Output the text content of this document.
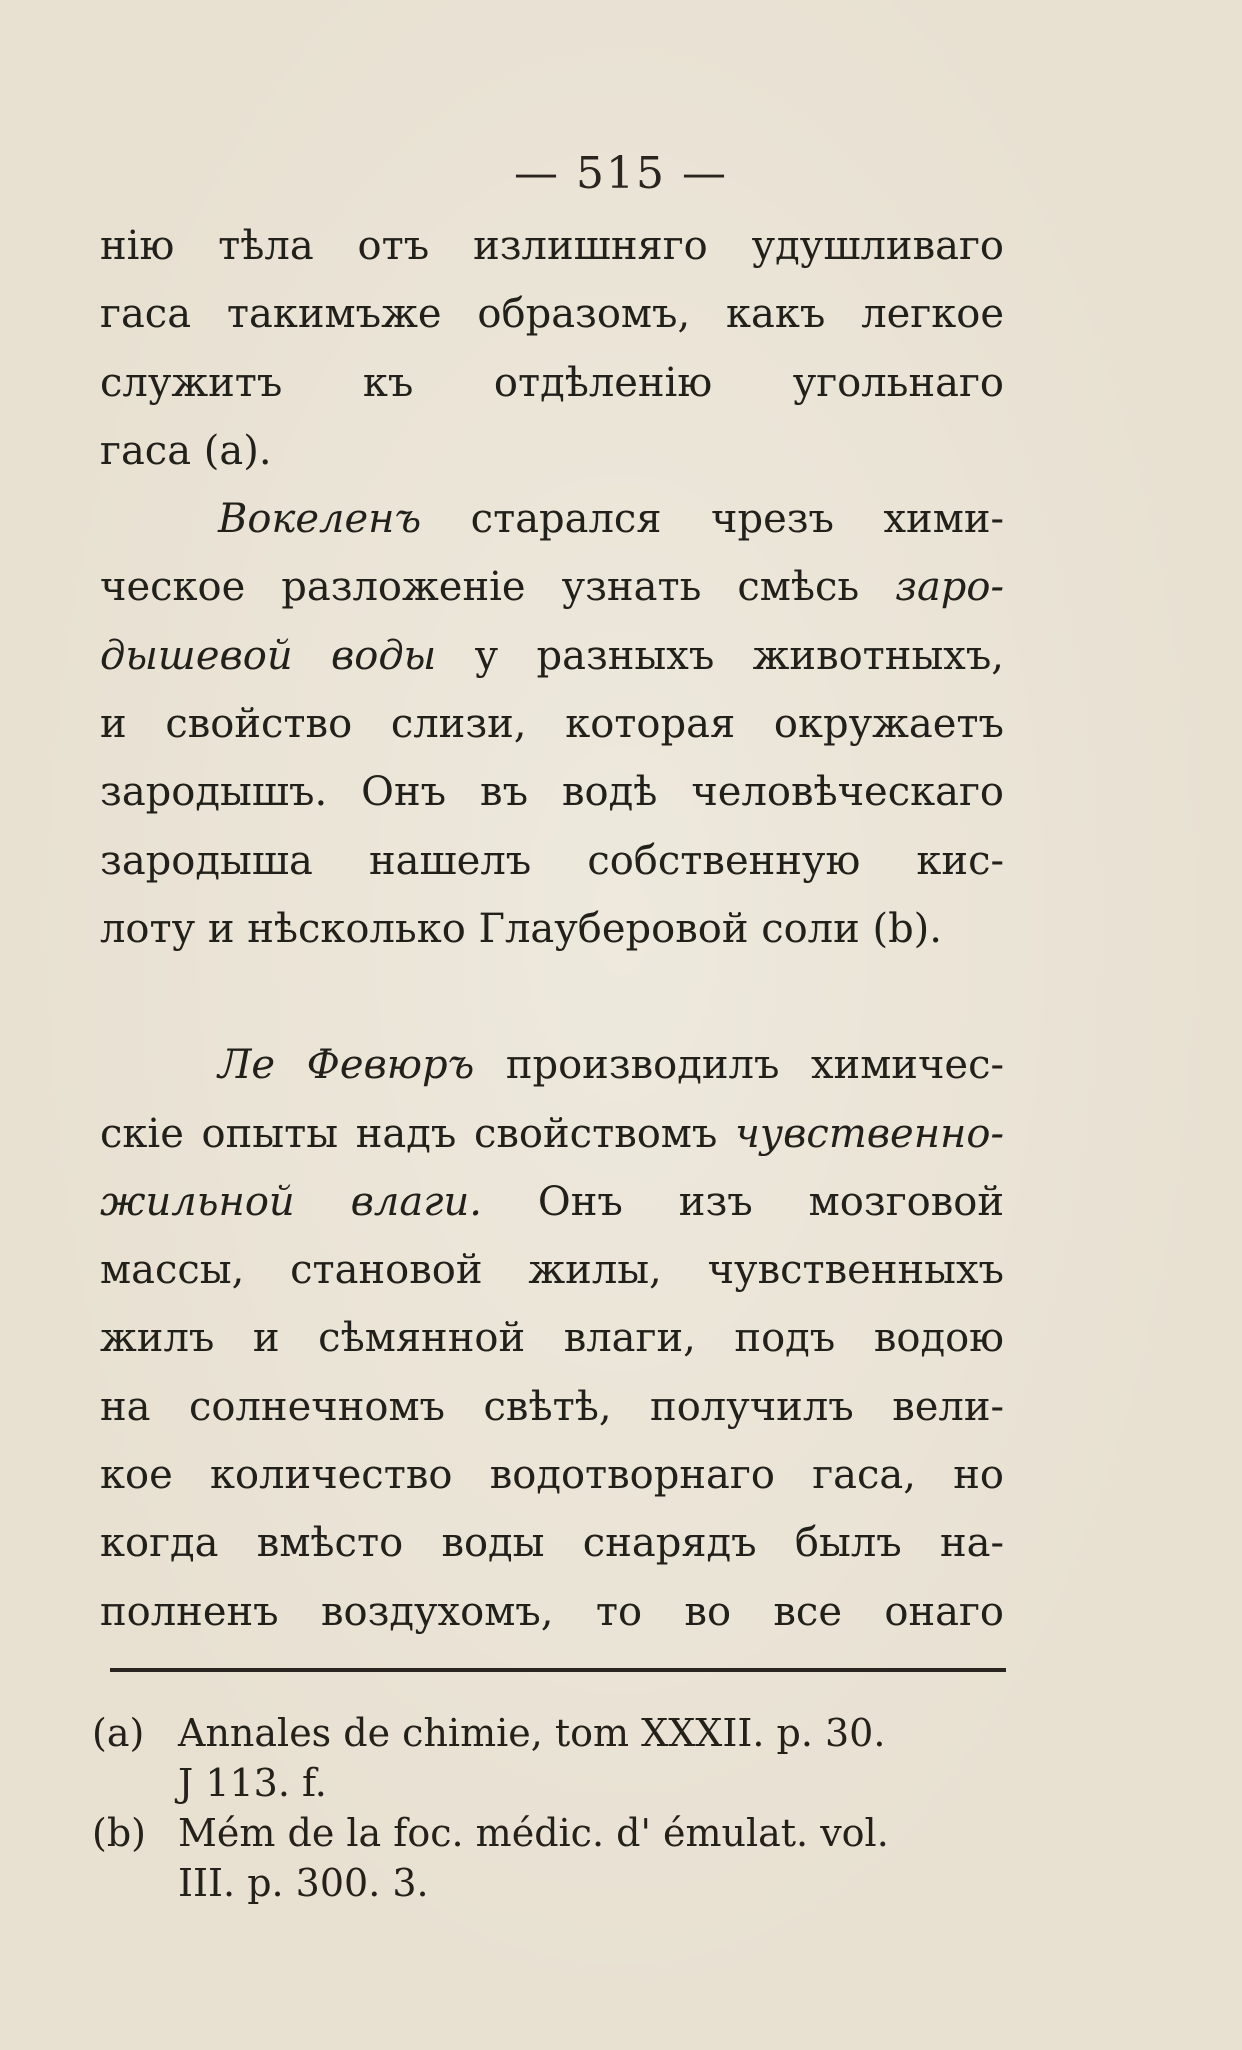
— 515 —

нію тѣла отъ излишняго удушливаго
гаса такимъже образомъ, какъ легкое
служитъ къ отдѣленію угольнаго
гаса (a).

Вокеленъ старался чрезъ хими-
ческое разложеніе узнать смѣсь заро-
дышевой воды у разныхъ животныхъ,
и свойство слизи, которая окружаетъ
зародышъ. Онъ въ водѣ человѣческаго
зародыша нашелъ собственную кис-
лоту и нѣсколько Глауберовой соли (b).

Ле Февюръ производилъ химичес-
скіе опыты надъ свойствомъ чувственно-
жильной влаги. Онъ изъ мозговой
массы, становой жилы, чувственныхъ
жилъ и сѣмянной влаги, подъ водою
на солнечномъ свѣтѣ, получилъ вели-
кое количество водотворнаго гаса, но
когда вмѣсто воды снарядъ былъ на-
полненъ воздухомъ, то во все онаго

(a) Annales de chimie, tom XXXII. p. 30.
J 113. f.
(b) Mém de la foc. médic. d' émulat. vol.
III. p. 300. 3.
